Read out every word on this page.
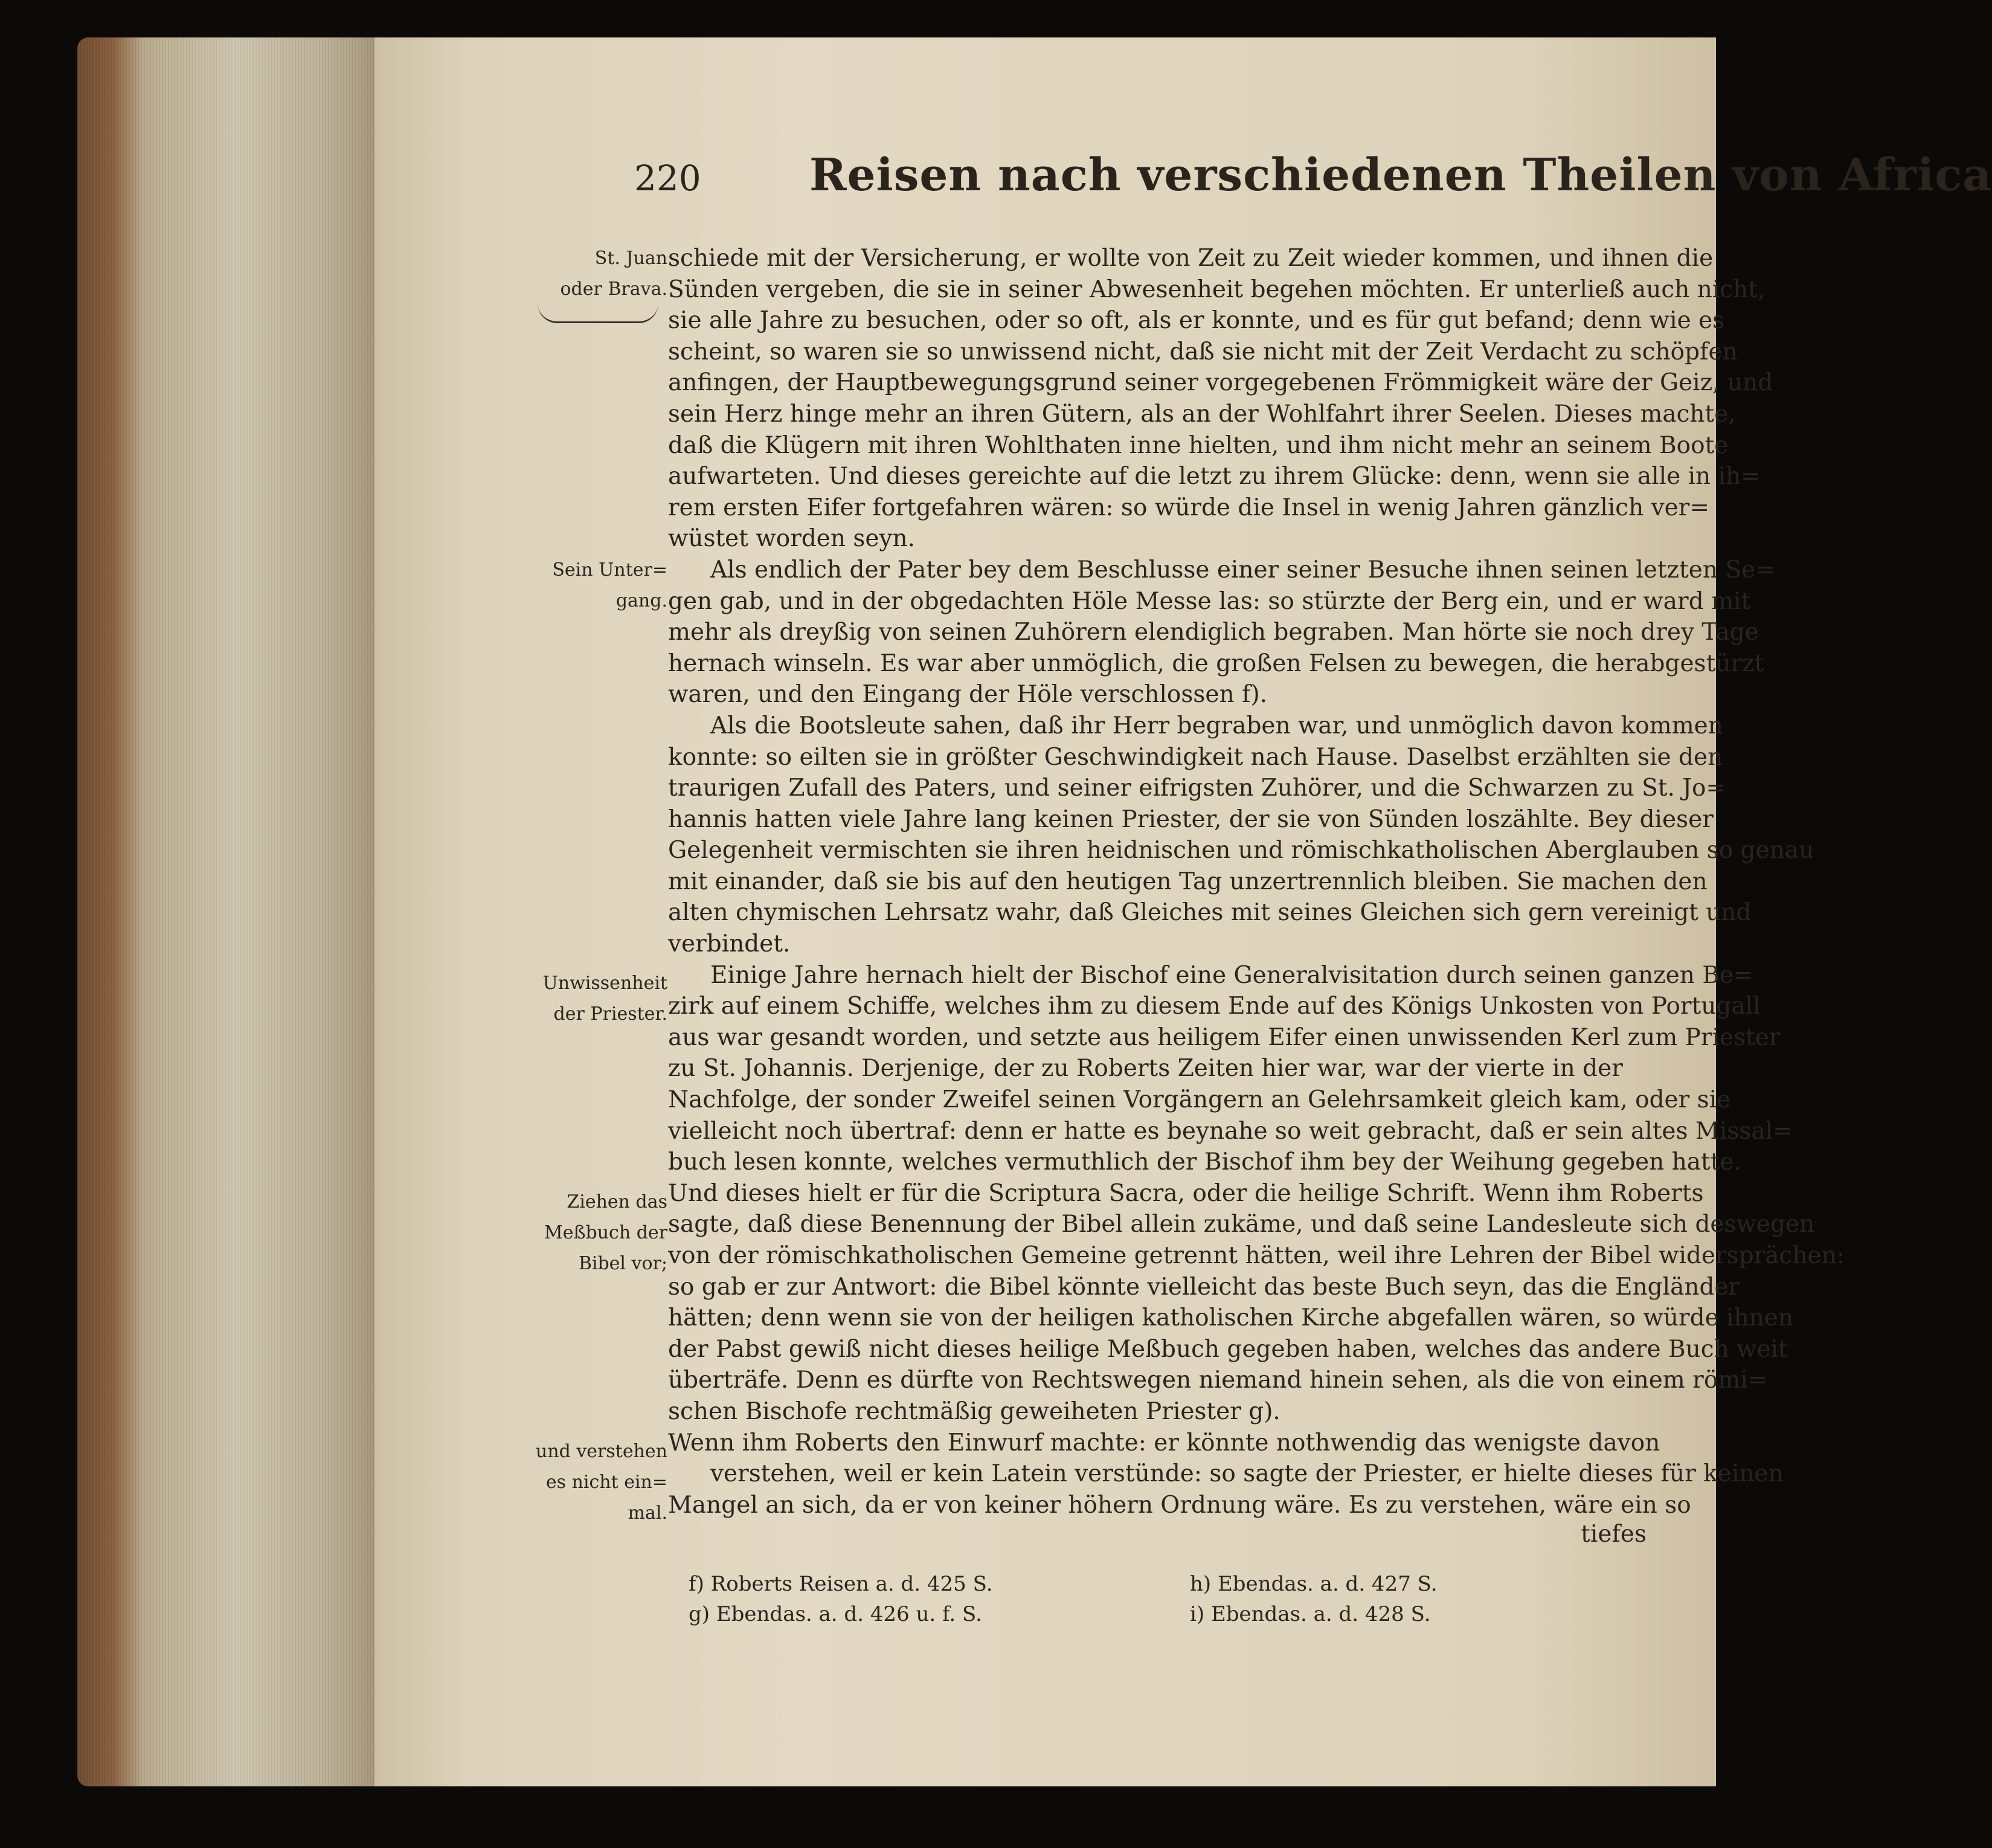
220 Reisen nach verschiedenen Theilen von Africa
St. Juan
oder Brava.
Sein Unter=
gang.
Unwissenheit
der Priester.
Ziehen das
Meßbuch der
Bibel vor;
und verstehen
es nicht ein=
mal.
schiede mit der Versicherung, er wollte von Zeit zu Zeit wieder kommen, und ihnen die
Sünden vergeben, die sie in seiner Abwesenheit begehen möchten. Er unterließ auch nicht,
sie alle Jahre zu besuchen, oder so oft, als er konnte, und es für gut befand; denn wie es
scheint, so waren sie so unwissend nicht, daß sie nicht mit der Zeit Verdacht zu schöpfen
anfingen, der Hauptbewegungsgrund seiner vorgegebenen Frömmigkeit wäre der Geiz, und
sein Herz hinge mehr an ihren Gütern, als an der Wohlfahrt ihrer Seelen. Dieses machte,
daß die Klügern mit ihren Wohlthaten inne hielten, und ihm nicht mehr an seinem Boote
aufwarteten. Und dieses gereichte auf die letzt zu ihrem Glücke: denn, wenn sie alle in ih=
rem ersten Eifer fortgefahren wären: so würde die Insel in wenig Jahren gänzlich ver=
wüstet worden seyn.
Als endlich der Pater bey dem Beschlusse einer seiner Besuche ihnen seinen letzten Se=
gen gab, und in der obgedachten Höle Messe las: so stürzte der Berg ein, und er ward mit
mehr als dreyßig von seinen Zuhörern elendiglich begraben. Man hörte sie noch drey Tage
hernach winseln. Es war aber unmöglich, die großen Felsen zu bewegen, die herabgestürzt
waren, und den Eingang der Höle verschlossen f).
Als die Bootsleute sahen, daß ihr Herr begraben war, und unmöglich davon kommen
konnte: so eilten sie in größter Geschwindigkeit nach Hause. Daselbst erzählten sie den
traurigen Zufall des Paters, und seiner eifrigsten Zuhörer, und die Schwarzen zu St. Jo=
hannis hatten viele Jahre lang keinen Priester, der sie von Sünden loszählte. Bey dieser
Gelegenheit vermischten sie ihren heidnischen und römischkatholischen Aberglauben so genau
mit einander, daß sie bis auf den heutigen Tag unzertrennlich bleiben. Sie machen den
alten chymischen Lehrsatz wahr, daß Gleiches mit seines Gleichen sich gern vereinigt und
verbindet.
Einige Jahre hernach hielt der Bischof eine Generalvisitation durch seinen ganzen Be=
zirk auf einem Schiffe, welches ihm zu diesem Ende auf des Königs Unkosten von Portugall
aus war gesandt worden, und setzte aus heiligem Eifer einen unwissenden Kerl zum Priester
zu St. Johannis. Derjenige, der zu Roberts Zeiten hier war, war der vierte in der
Nachfolge, der sonder Zweifel seinen Vorgängern an Gelehrsamkeit gleich kam, oder sie
vielleicht noch übertraf: denn er hatte es beynahe so weit gebracht, daß er sein altes Missal=
buch lesen konnte, welches vermuthlich der Bischof ihm bey der Weihung gegeben hatte.
Und dieses hielt er für die Scriptura Sacra, oder die heilige Schrift. Wenn ihm Roberts
sagte, daß diese Benennung der Bibel allein zukäme, und daß seine Landesleute sich deswegen
von der römischkatholischen Gemeine getrennt hätten, weil ihre Lehren der Bibel widersprächen:
so gab er zur Antwort: die Bibel könnte vielleicht das beste Buch seyn, das die Engländer
hätten; denn wenn sie von der heiligen katholischen Kirche abgefallen wären, so würde ihnen
der Pabst gewiß nicht dieses heilige Meßbuch gegeben haben, welches das andere Buch weit
überträfe. Denn es dürfte von Rechtswegen niemand hinein sehen, als die von einem römi=
schen Bischofe rechtmäßig geweiheten Priester g).
Wenn ihm Roberts den Einwurf machte: er könnte nothwendig das wenigste davon
verstehen, weil er kein Latein verstünde: so sagte der Priester, er hielte dieses für keinen
Mangel an sich, da er von keiner höhern Ordnung wäre. Es zu verstehen, wäre ein so
tiefes
f) Roberts Reisen a. d. 425 S.
g) Ebendas. a. d. 426 u. f. S.
h) Ebendas. a. d. 427 S.
i) Ebendas. a. d. 428 S.
